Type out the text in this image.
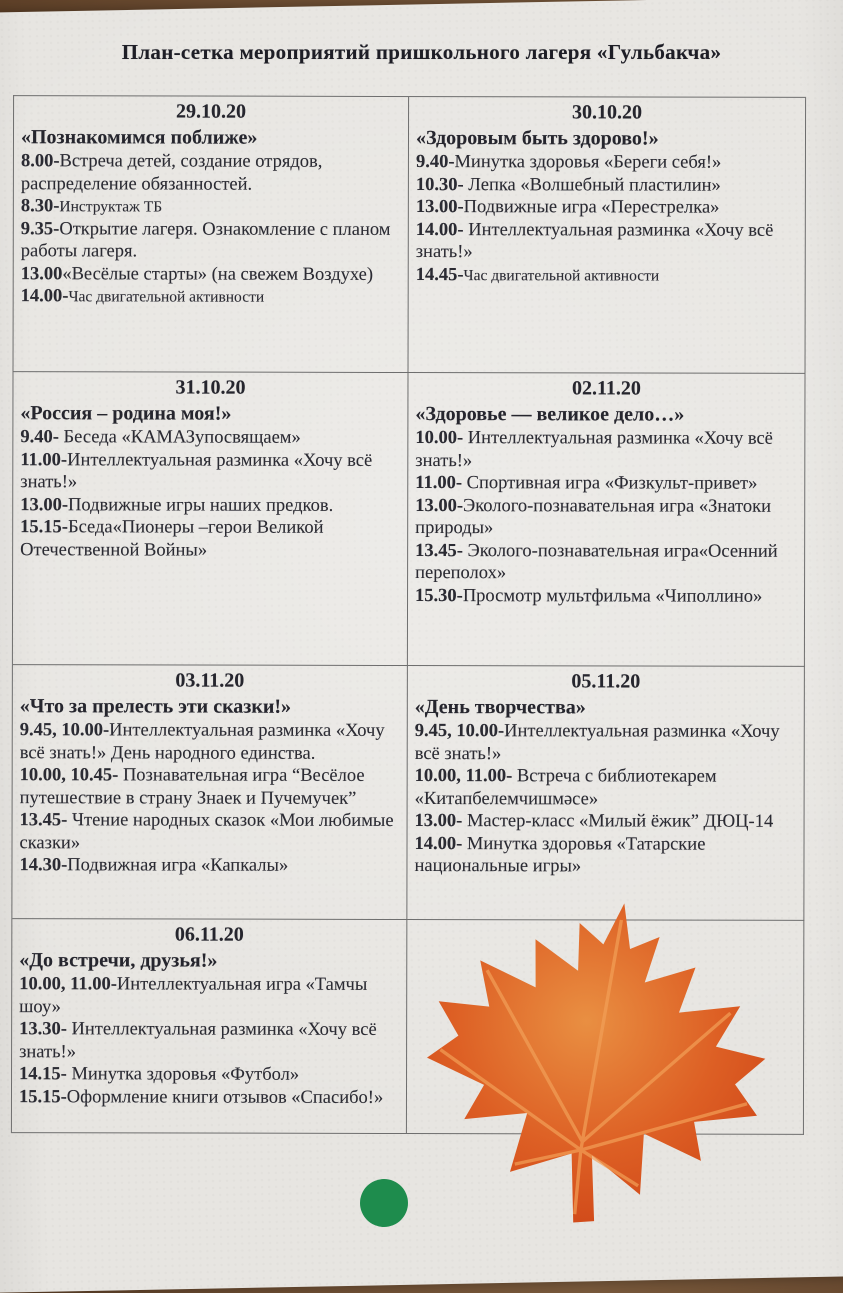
План-сетка мероприятий пришкольного лагеря «Гульбакча»
29.10.20
«Познакомимся поближе»
8.00-Встреча детей, создание отрядов, распределение обязанностей.
8.30-Инструктаж ТБ
9.35-Открытие лагеря. Ознакомление с планом работы лагеря.
13.00«Весёлые старты» (на свежем Воздухе)
14.00-Час двигательной активности
30.10.20
«Здоровым быть здорово!»
9.40-Минутка здоровья «Береги себя!»
10.30- Лепка «Волшебный пластилин»
13.00-Подвижные игра «Перестрелка»
14.00- Интеллектуальная разминка «Хочу всё знать!»
14.45-Час двигательной активности
31.10.20
«Россия – родина моя!»
9.40- Беседа «КАМАЗупосвящаем»
11.00-Интеллектуальная разминка «Хочу всё знать!»
13.00-Подвижные игры наших предков.
15.15-Бседа«Пионеры –герои Великой Отечественной Войны»
02.11.20
«Здоровье — великое дело…»
10.00- Интеллектуальная разминка «Хочу всё знать!»
11.00- Спортивная игра «Физкульт-привет»
13.00-Эколого-познавательная игра «Знатоки природы»
13.45- Эколого-познавательная игра«Осенний переполох»
15.30-Просмотр мультфильма «Чиполлино»
03.11.20
«Что за прелесть эти сказки!»
9.45, 10.00-Интеллектуальная разминка «Хочу всё знать!» День народного единства.
10.00, 10.45- Познавательная игра “Весёлое путешествие в страну Знаек и Пучемучек”
13.45- Чтение народных сказок «Мои любимые сказки»
14.30-Подвижная игра «Капкалы»
05.11.20
«День творчества»
9.45, 10.00-Интеллектуальная разминка «Хочу всё знать!»
10.00, 11.00- Встреча с библиотекарем «Китапбелемчишмәсе»
13.00- Мастер-класс «Милый ёжик” ДЮЦ-14
14.00- Минутка здоровья «Татарские национальные игры»
06.11.20
«До встречи, друзья!»
10.00, 11.00-Интеллектуальная игра «Тамчы шоу»
13.30- Интеллектуальная разминка «Хочу всё знать!»
14.15- Минутка здоровья «Футбол»
15.15-Оформление книги отзывов «Спасибо!»
